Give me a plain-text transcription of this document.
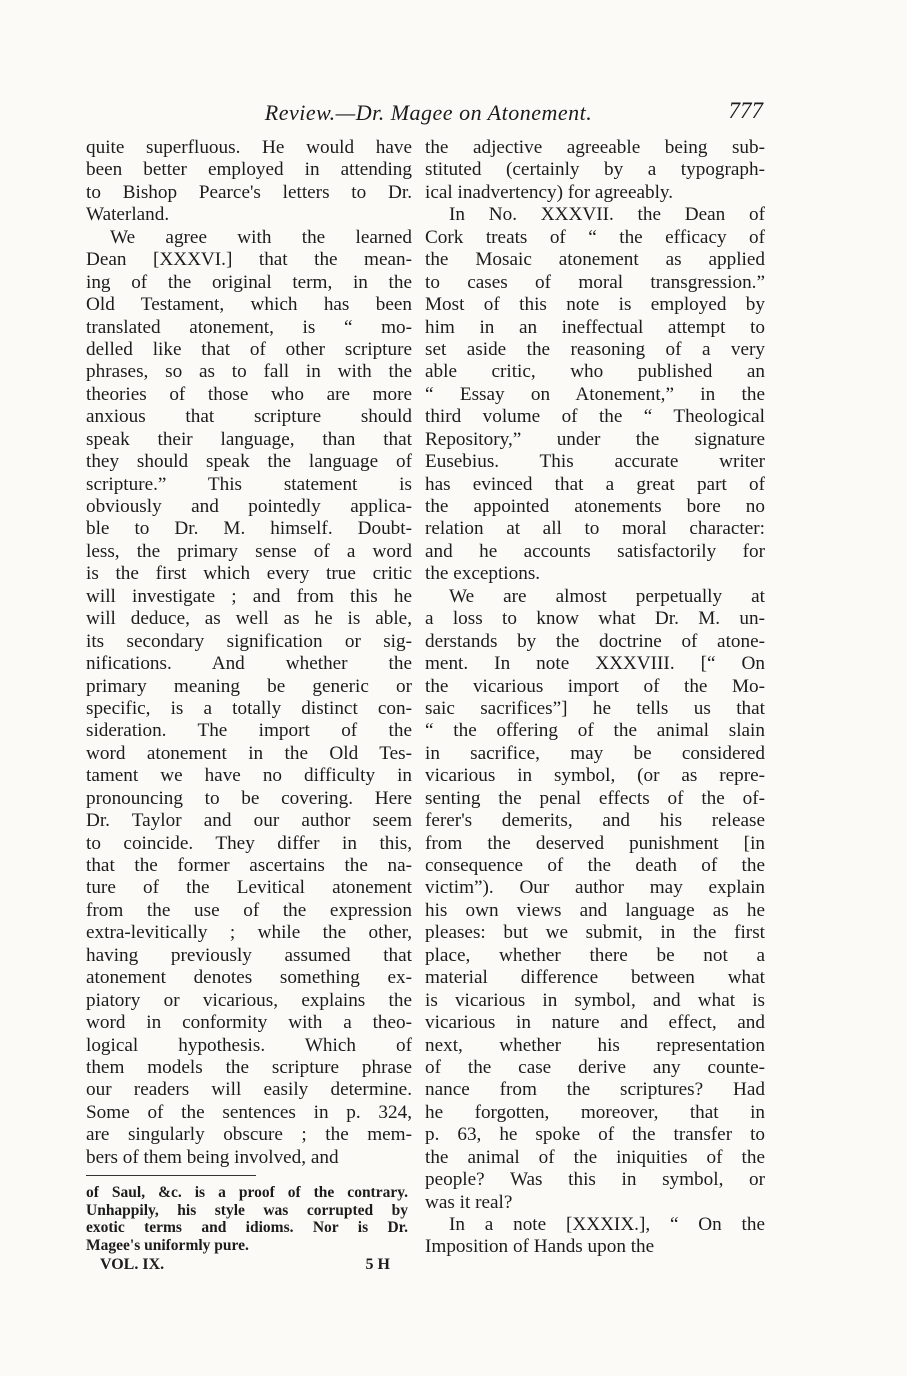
Review.—Dr. Magee on Atonement.	777
quite superfluous. He would have
been better employed in attending
to Bishop Pearce's letters to Dr.
Waterland.
We agree with the learned
Dean [XXXVI.] that the mean-
ing of the original term, in the
Old Testament, which has been
translated atonement, is “ mo-
delled like that of other scripture
phrases, so as to fall in with the
theories of those who are more
anxious that scripture should
speak their language, than that
they should speak the language of
scripture.” This statement is
obviously and pointedly applica-
ble to Dr. M. himself. Doubt-
less, the primary sense of a word
is the first which every true critic
will investigate ; and from this he
will deduce, as well as he is able,
its secondary signification or sig-
nifications. And whether the
primary meaning be generic or
specific, is a totally distinct con-
sideration. The import of the
word atonement in the Old Tes-
tament we have no difficulty in
pronouncing to be covering. Here
Dr. Taylor and our author seem
to coincide. They differ in this,
that the former ascertains the na-
ture of the Levitical atonement
from the use of the expression
extra-levitically ; while the other,
having previously assumed that
atonement denotes something ex-
piatory or vicarious, explains the
word in conformity with a theo-
logical hypothesis. Which of
them models the scripture phrase
our readers will easily determine.
Some of the sentences in p. 324,
are singularly obscure ; the mem-
bers of them being involved, and
the adjective agreeable being sub-
stituted (certainly by a typograph-
ical inadvertency) for agreeably.
In No. XXXVII. the Dean of
Cork treats of “ the efficacy of
the Mosaic atonement as applied
to cases of moral transgression.”
Most of this note is employed by
him in an ineffectual attempt to
set aside the reasoning of a very
able critic, who published an
“ Essay on Atonement,” in the
third volume of the “ Theological
Repository,” under the signature
Eusebius. This accurate writer
has evinced that a great part of
the appointed atonements bore no
relation at all to moral character:
and he accounts satisfactorily for
the exceptions.
We are almost perpetually at
a loss to know what Dr. M. un-
derstands by the doctrine of atone-
ment. In note XXXVIII. [“ On
the vicarious import of the Mo-
saic sacrifices”] he tells us that
“ the offering of the animal slain
in sacrifice, may be considered
vicarious in symbol, (or as repre-
senting the penal effects of the of-
ferer's demerits, and his release
from the deserved punishment [in
consequence of the death of the
victim”). Our author may explain
his own views and language as he
pleases: but we submit, in the first
place, whether there be not a
material difference between what
is vicarious in symbol, and what is
vicarious in nature and effect, and
next, whether his representation
of the case derive any counte-
nance from the scriptures? Had
he forgotten, moreover, that in
p. 63, he spoke of the transfer to
the animal of the iniquities of the
people? Was this in symbol, or
was it real?
In a note [XXXIX.], “ On the
Imposition of Hands upon the
of Saul, &c. is a proof of the contrary.
Unhappily, his style was corrupted by
exotic terms and idioms. Nor is Dr.
Magee's uniformly pure.
VOL. IX.	5 H
